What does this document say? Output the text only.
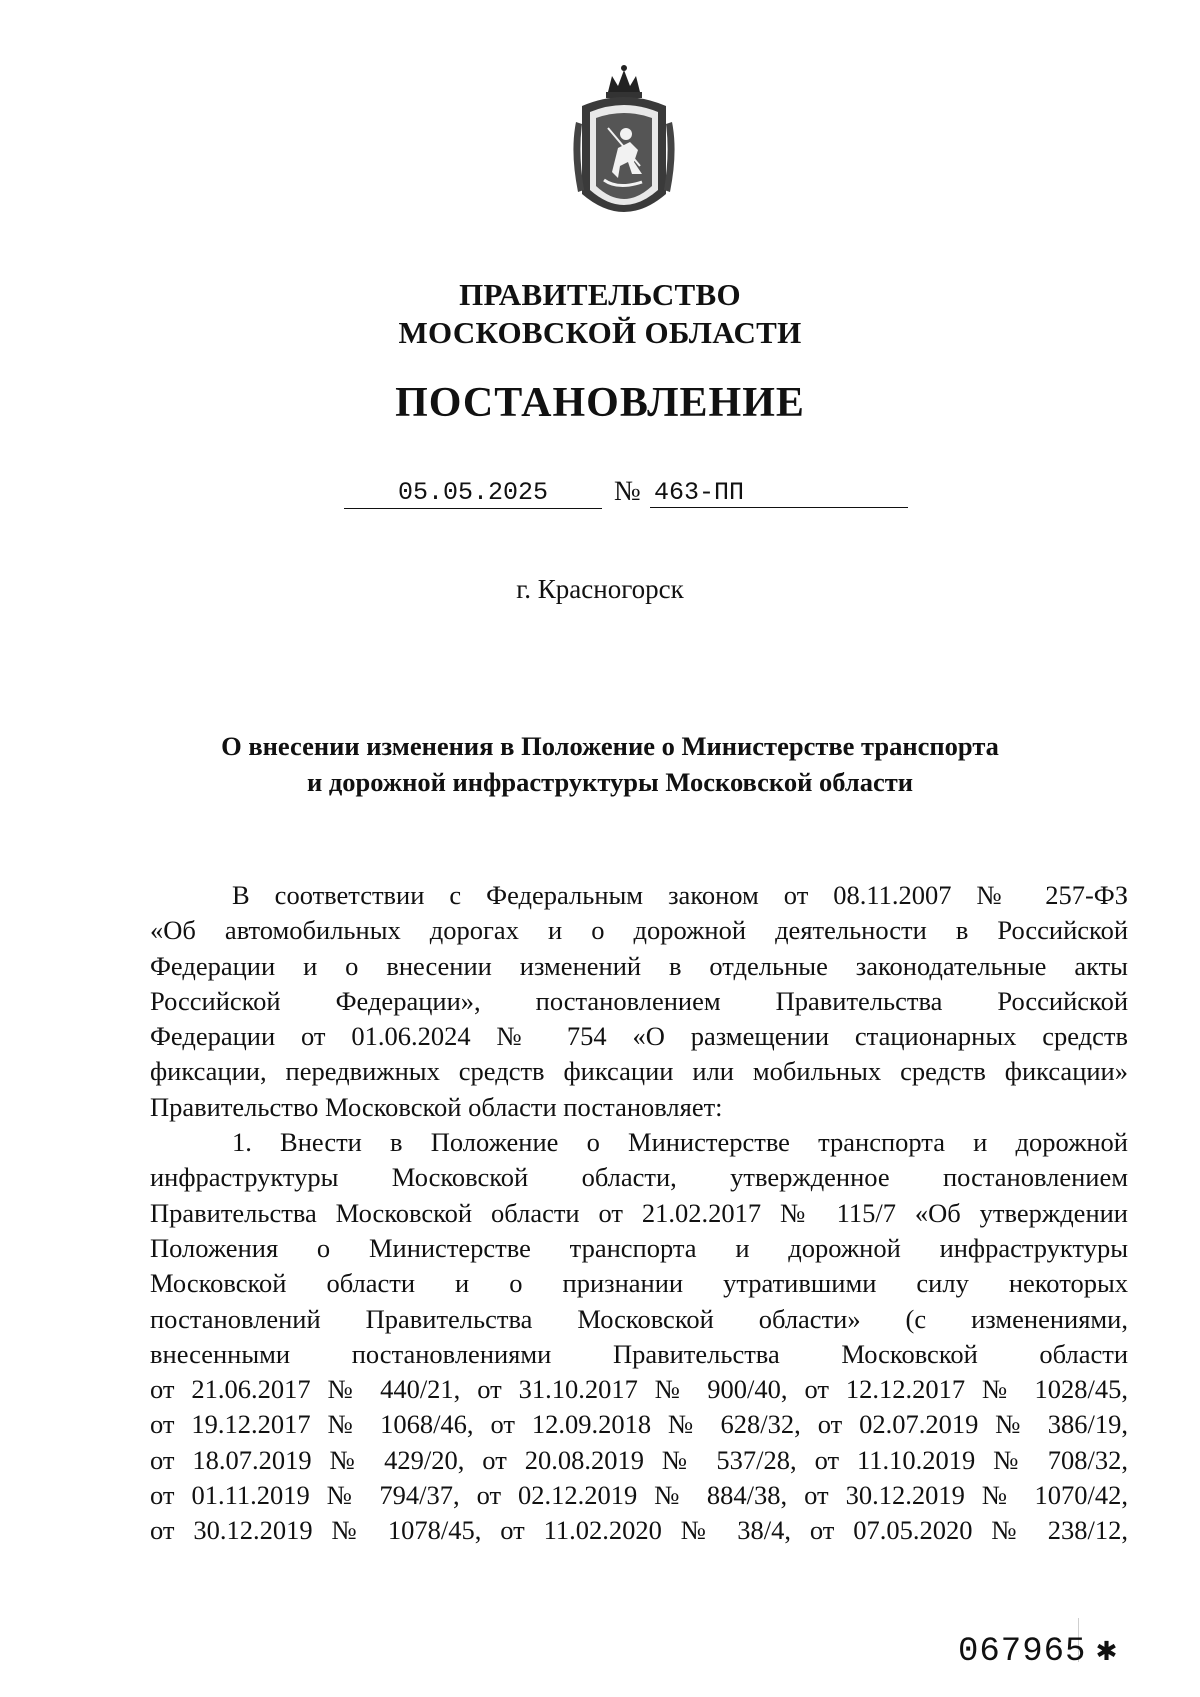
ПРАВИТЕЛЬСТВО
МОСКОВСКОЙ ОБЛАСТИ
ПОСТАНОВЛЕНИЕ
05.05.2025	№ 463-ПП
г. Красногорск
О внесении изменения в Положение о Министерстве транспорта
и дорожной инфраструктуры Московской области
В соответствии с Федеральным законом от 08.11.2007 № 257-ФЗ
«Об автомобильных дорогах и о дорожной деятельности в Российской
Федерации и о внесении изменений в отдельные законодательные акты
Российской Федерации», постановлением Правительства Российской
Федерации от 01.06.2024 № 754 «О размещении стационарных средств
фиксации, передвижных средств фиксации или мобильных средств фиксации»
Правительство Московской области постановляет:
1. Внести в Положение о Министерстве транспорта и дорожной
инфраструктуры Московской области, утвержденное постановлением
Правительства Московской области от 21.02.2017 № 115/7 «Об утверждении
Положения о Министерстве транспорта и дорожной инфраструктуры
Московской области и о признании утратившими силу некоторых
постановлений Правительства Московской области» (с изменениями,
внесенными постановлениями Правительства Московской области
от 21.06.2017 № 440/21, от 31.10.2017 № 900/40, от 12.12.2017 № 1028/45,
от 19.12.2017 № 1068/46, от 12.09.2018 № 628/32, от 02.07.2019 № 386/19,
от 18.07.2019 № 429/20, от 20.08.2019 № 537/28, от 11.10.2019 № 708/32,
от 01.11.2019 № 794/37, от 02.12.2019 № 884/38, от 30.12.2019 № 1070/42,
от 30.12.2019 № 1078/45, от 11.02.2020 № 38/4, от 07.05.2020 № 238/12,
067965 ✱
